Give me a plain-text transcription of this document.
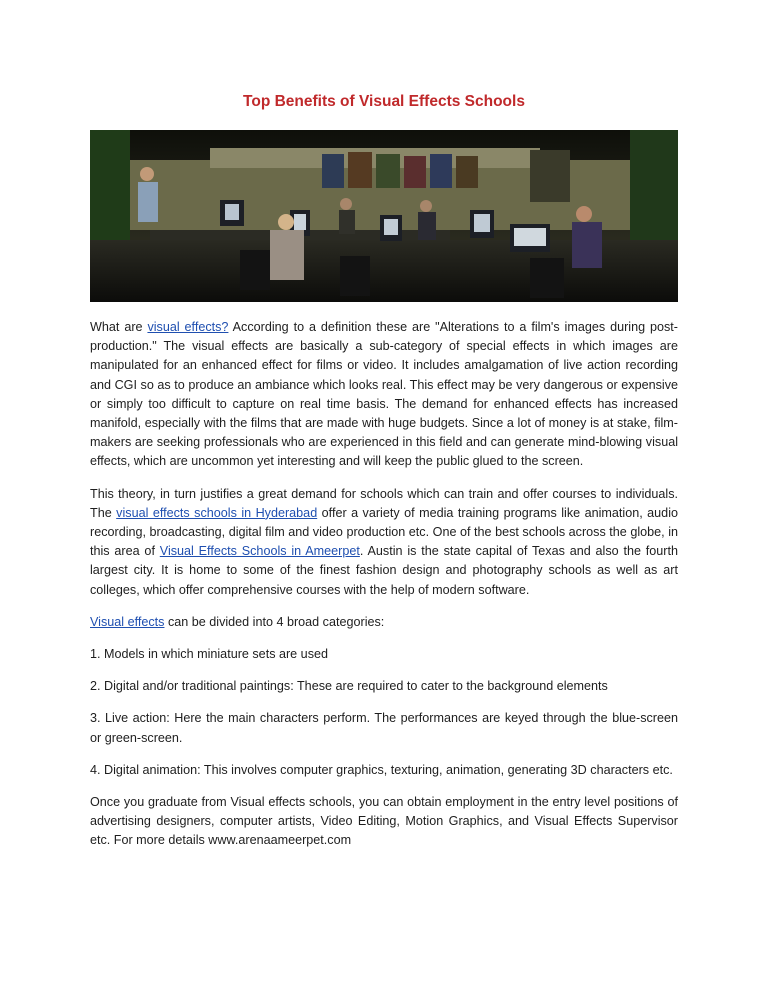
Top Benefits of Visual Effects Schools

What are visual effects? According to a definition these are "Alterations to a film's images during post-production." The visual effects are basically a sub-category of special effects in which images are manipulated for an enhanced effect for films or video. It includes amalgamation of live action recording and CGI so as to produce an ambiance which looks real. This effect may be very dangerous or expensive or simply too difficult to capture on real time basis. The demand for enhanced effects has increased manifold, especially with the films that are made with huge budgets. Since a lot of money is at stake, film-makers are seeking professionals who are experienced in this field and can generate mind-blowing visual effects, which are uncommon yet interesting and will keep the public glued to the screen.

This theory, in turn justifies a great demand for schools which can train and offer courses to individuals. The visual effects schools in Hyderabad offer a variety of media training programs like animation, audio recording, broadcasting, digital film and video production etc. One of the best schools across the globe, in this area of Visual Effects Schools in Ameerpet. Austin is the state capital of Texas and also the fourth largest city. It is home to some of the finest fashion design and photography schools as well as art colleges, which offer comprehensive courses with the help of modern software.

Visual effects can be divided into 4 broad categories:

1. Models in which miniature sets are used

2. Digital and/or traditional paintings: These are required to cater to the background elements

3. Live action: Here the main characters perform. The performances are keyed through the blue-screen or green-screen.

4. Digital animation: This involves computer graphics, texturing, animation, generating 3D characters etc.

Once you graduate from Visual effects schools, you can obtain employment in the entry level positions of advertising designers, computer artists, Video Editing, Motion Graphics, and Visual Effects Supervisor etc. For more details www.arenaameerpet.com
